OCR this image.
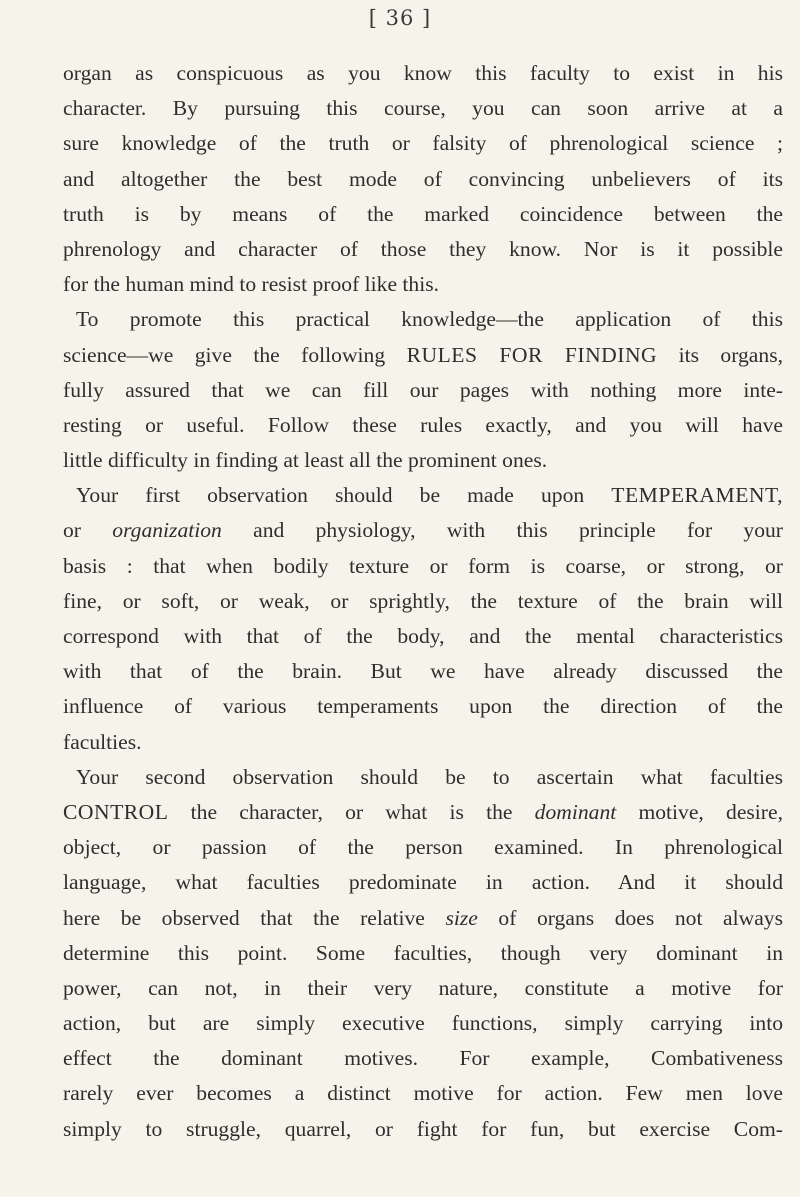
[ 36 ]
organ as conspicuous as you know this faculty to exist in his
character. By pursuing this course, you can soon arrive at a
sure knowledge of the truth or falsity of phrenological science ;
and altogether the best mode of convincing unbelievers of its
truth is by means of the marked coincidence between the
phrenology and character of those they know. Nor is it possible
for the human mind to resist proof like this.
To promote this practical knowledge—the application of this
science—we give the following RULES FOR FINDING its organs,
fully assured that we can fill our pages with nothing more inte-
resting or useful. Follow these rules exactly, and you will have
little difficulty in finding at least all the prominent ones.
Your first observation should be made upon TEMPERAMENT,
or organization and physiology, with this principle for your
basis : that when bodily texture or form is coarse, or strong, or
fine, or soft, or weak, or sprightly, the texture of the brain will
correspond with that of the body, and the mental characteristics
with that of the brain. But we have already discussed the
influence of various temperaments upon the direction of the
faculties.
Your second observation should be to ascertain what faculties
CONTROL the character, or what is the dominant motive, desire,
object, or passion of the person examined. In phrenological
language, what faculties predominate in action. And it should
here be observed that the relative size of organs does not always
determine this point. Some faculties, though very dominant in
power, can not, in their very nature, constitute a motive for
action, but are simply executive functions, simply carrying into
effect the dominant motives. For example, Combativeness
rarely ever becomes a distinct motive for action. Few men love
simply to struggle, quarrel, or fight for fun, but exercise Com-
